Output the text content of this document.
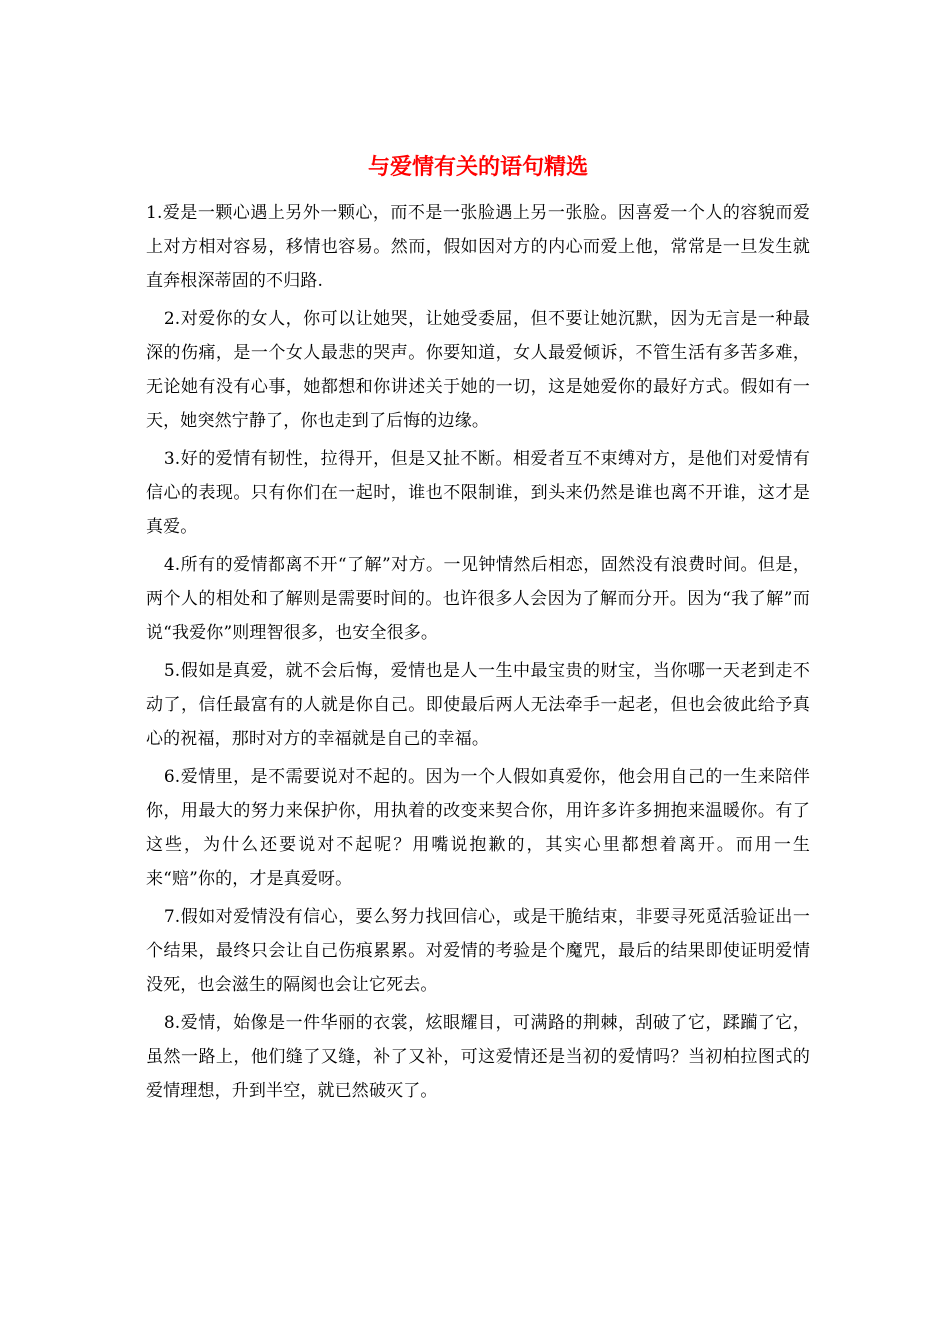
与爱情有关的语句精选

1.爱是一颗心遇上另外一颗心，而不是一张脸遇上另一张脸。因喜爱一个人的容貌而爱上对方相对容易，移情也容易。然而，假如因对方的内心而爱上他，常常是一旦发生就直奔根深蒂固的不归路.

2.对爱你的女人，你可以让她哭，让她受委屈，但不要让她沉默，因为无言是一种最深的伤痛，是一个女人最悲的哭声。你要知道，女人最爱倾诉，不管生活有多苦多难，无论她有没有心事，她都想和你讲述关于她的一切，这是她爱你的最好方式。假如有一天，她突然宁静了，你也走到了后悔的边缘。

3.好的爱情有韧性，拉得开，但是又扯不断。相爱者互不束缚对方，是他们对爱情有信心的表现。只有你们在一起时，谁也不限制谁，到头来仍然是谁也离不开谁，这才是真爱。

4.所有的爱情都离不开“了解”对方。一见钟情然后相恋，固然没有浪费时间。但是，两个人的相处和了解则是需要时间的。也许很多人会因为了解而分开。因为“我了解”而说“我爱你”则理智很多，也安全很多。

5.假如是真爱，就不会后悔，爱情也是人一生中最宝贵的财宝，当你哪一天老到走不动了，信任最富有的人就是你自己。即使最后两人无法牵手一起老，但也会彼此给予真心的祝福，那时对方的幸福就是自己的幸福。

6.爱情里，是不需要说对不起的。因为一个人假如真爱你，他会用自己的一生来陪伴你，用最大的努力来保护你，用执着的改变来契合你，用许多许多拥抱来温暖你。有了这些，为什么还要说对不起呢？用嘴说抱歉的，其实心里都想着离开。而用一生来“赔”你的，才是真爱呀。

7.假如对爱情没有信心，要么努力找回信心，或是干脆结束，非要寻死觅活验证出一个结果，最终只会让自己伤痕累累。对爱情的考验是个魔咒，最后的结果即使证明爱情没死，也会滋生的隔阂也会让它死去。

8.爱情，始像是一件华丽的衣裳，炫眼耀目，可满路的荆棘，刮破了它，蹂躏了它，虽然一路上，他们缝了又缝，补了又补，可这爱情还是当初的爱情吗？当初柏拉图式的爱情理想，升到半空，就已然破灭了。
